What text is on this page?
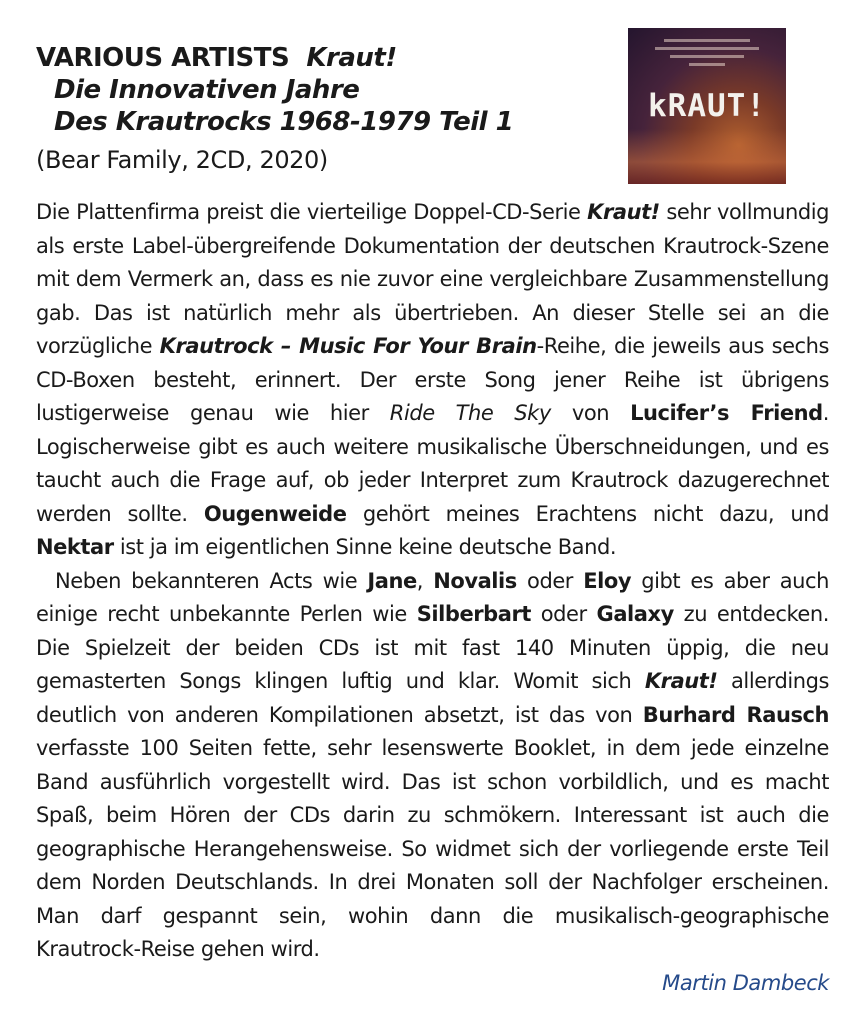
VARIOUS ARTISTS Kraut!
Die Innovativen Jahre
Des Krautrocks 1968-1979 Teil 1
(Bear Family, 2CD, 2020)
kRAUT!

Die Plattenfirma preist die vierteilige Doppel-CD-Serie Kraut! sehr vollmundig als erste Label-übergreifende Dokumentation der deutschen Krautrock-Szene mit dem Vermerk an, dass es nie zuvor eine vergleichbare Zusammenstellung gab. Das ist natürlich mehr als übertrieben. An dieser Stelle sei an die vorzügliche Krautrock – Music For Your Brain-Reihe, die jeweils aus sechs CD-Boxen besteht, erinnert. Der erste Song jener Reihe ist übrigens lustigerweise genau wie hier Ride The Sky von Lucifer’s Friend. Logischerweise gibt es auch weitere musikalische Überschneidungen, und es taucht auch die Frage auf, ob jeder Interpret zum Krautrock dazugerechnet werden sollte. Ougenweide gehört meines Erachtens nicht dazu, und Nektar ist ja im eigentlichen Sinne keine deutsche Band.

Neben bekannteren Acts wie Jane, Novalis oder Eloy gibt es aber auch einige recht unbekannte Perlen wie Silberbart oder Galaxy zu entdecken. Die Spielzeit der beiden CDs ist mit fast 140 Minuten üppig, die neu gemasterten Songs klingen luftig und klar. Womit sich Kraut! allerdings deutlich von anderen Kompilationen absetzt, ist das von Burhard Rausch verfasste 100 Seiten fette, sehr lesenswerte Booklet, in dem jede einzelne Band ausführlich vorgestellt wird. Das ist schon vorbildlich, und es macht Spaß, beim Hören der CDs darin zu schmökern. Interessant ist auch die geographische Herangehensweise. So widmet sich der vorliegende erste Teil dem Norden Deutschlands. In drei Monaten soll der Nachfolger erscheinen. Man darf gespannt sein, wohin dann die musikalisch-geographische Krautrock-Reise gehen wird.

Martin Dambeck
